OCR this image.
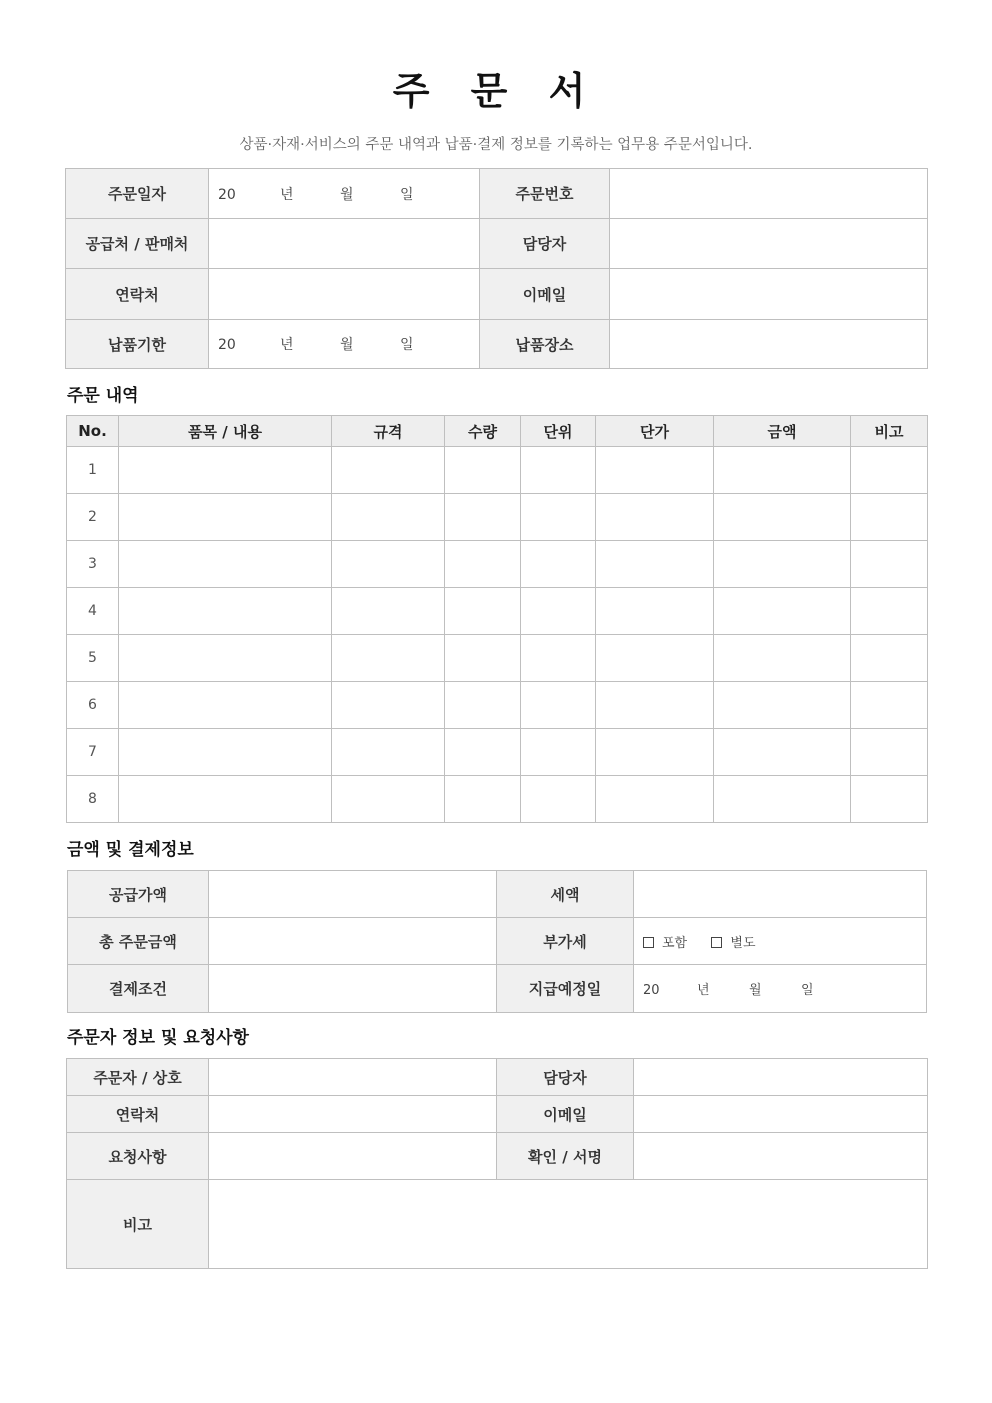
주 문 서
상품·자재·서비스의 주문 내역과 납품·결제 정보를 기록하는 업무용 주문서입니다.
주문일자	20 년 월 일	주문번호	
공급처 / 판매처		담당자	
연락처		이메일	
납품기한	20 년 월 일	납품장소	
주문 내역
No.	품목 / 내용	규격	수량	단위	단가	금액	비고
1							
2							
3							
4							
5							
6							
7							
8							
금액 및 결제정보
공급가액		세액	
총 주문금액		부가세	포함 별도
결제조건		지급예정일	20 년 월 일
주문자 정보 및 요청사항
주문자 / 상호		담당자	
연락처		이메일	
요청사항		확인 / 서명	
비고			
